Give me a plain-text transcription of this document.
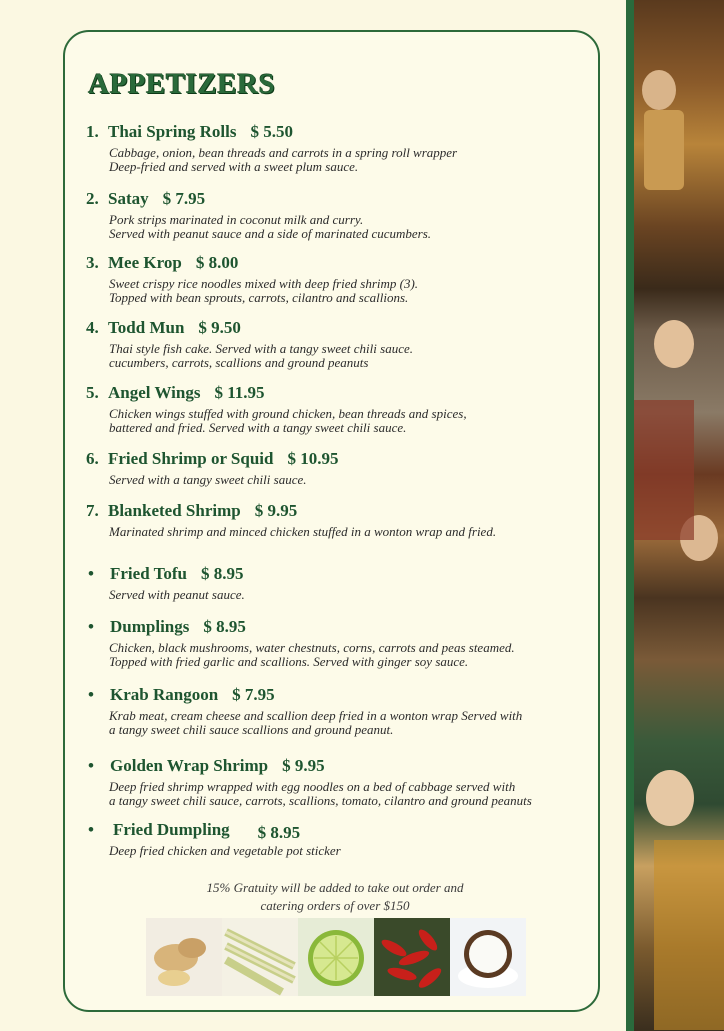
APPETIZERS
1. Thai Spring Rolls $ 5.50
Cabbage, onion, bean threads and carrots in a spring roll wrapper
Deep-fried and served with a sweet plum sauce.
2. Satay $ 7.95
Pork strips marinated in coconut milk and curry.
Served with peanut sauce and a side of marinated cucumbers.
3. Mee Krop $ 8.00
Sweet crispy rice noodles mixed with deep fried shrimp (3).
Topped with bean sprouts, carrots, cilantro and scallions.
4. Todd Mun $ 9.50
Thai style fish cake. Served with a tangy sweet chili sauce.
cucumbers, carrots, scallions and ground peanuts
5. Angel Wings $ 11.95
Chicken wings stuffed with ground chicken, bean threads and spices,
battered and fried. Served with a tangy sweet chili sauce.
6. Fried Shrimp or Squid $ 10.95
Served with a tangy sweet chili sauce.
7. Blanketed Shrimp $ 9.95
Marinated shrimp and minced chicken stuffed in a wonton wrap and fried.
• Fried Tofu $ 8.95
Served with peanut sauce.
• Dumplings $ 8.95
Chicken, black mushrooms, water chestnuts, corns, carrots and peas steamed.
Topped with fried garlic and scallions. Served with ginger soy sauce.
• Krab Rangoon $ 7.95
Krab meat, cream cheese and scallion deep fried in a wonton wrap Served with
a tangy sweet chili sauce scallions and ground peanut.
• Golden Wrap Shrimp $ 9.95
Deep fried shrimp wrapped with egg noodles on a bed of cabbage served with
a tangy sweet chili sauce, carrots, scallions, tomato, cilantro and ground peanuts
• Fried Dumpling $ 8.95
Deep fried chicken and vegetable pot sticker
15% Gratuity will be added to take out order and
catering orders of over $150
